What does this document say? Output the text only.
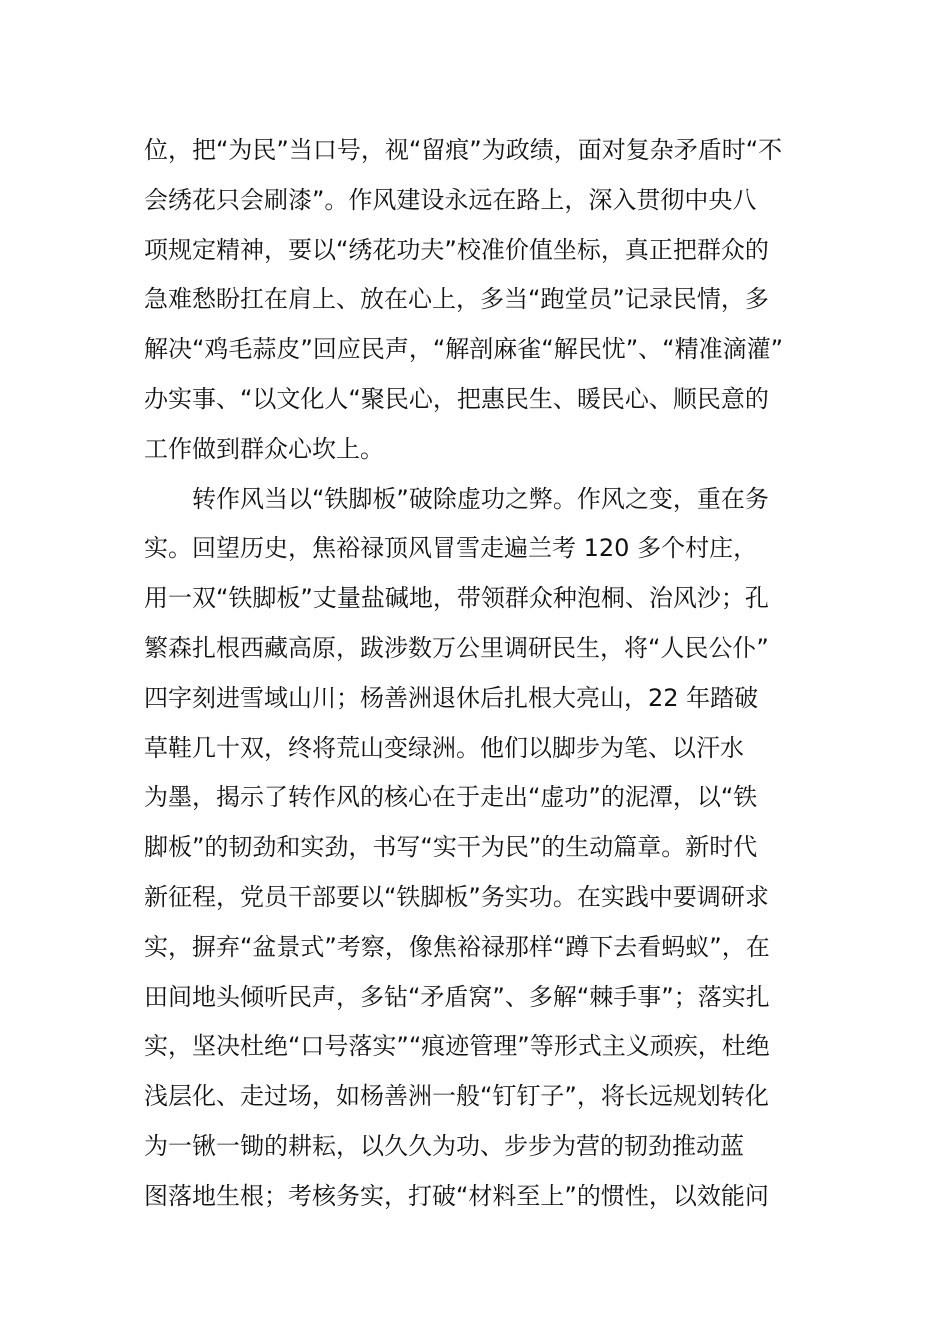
位，把“为民”当口号，视“留痕”为政绩，面对复杂矛盾时“不
会绣花只会刷漆”。作风建设永远在路上，深入贯彻中央八
项规定精神，要以“绣花功夫”校准价值坐标，真正把群众的
急难愁盼扛在肩上、放在心上，多当“跑堂员”记录民情，多
解决“鸡毛蒜皮”回应民声，“解剖麻雀“解民忧”、“精准滴灌”
办实事、“以文化人“聚民心，把惠民生、暖民心、顺民意的
工作做到群众心坎上。
　　转作风当以“铁脚板”破除虚功之弊。作风之变，重在务
实。回望历史，焦裕禄顶风冒雪走遍兰考 120 多个村庄，
用一双“铁脚板”丈量盐碱地，带领群众种泡桐、治风沙；孔
繁森扎根西藏高原，跋涉数万公里调研民生，将“人民公仆”
四字刻进雪域山川；杨善洲退休后扎根大亮山，22 年踏破
草鞋几十双，终将荒山变绿洲。他们以脚步为笔、以汗水
为墨，揭示了转作风的核心在于走出“虚功”的泥潭，以“铁
脚板”的韧劲和实劲，书写“实干为民”的生动篇章。新时代
新征程，党员干部要以“铁脚板”务实功。在实践中要调研求
实，摒弃“盆景式”考察，像焦裕禄那样“蹲下去看蚂蚁”，在
田间地头倾听民声，多钻“矛盾窝”、多解“棘手事”；落实扎
实，坚决杜绝“口号落实”“痕迹管理”等形式主义顽疾，杜绝
浅层化、走过场，如杨善洲一般“钉钉子”，将长远规划转化
为一锹一锄的耕耘，以久久为功、步步为营的韧劲推动蓝
图落地生根；考核务实，打破“材料至上”的惯性，以效能问
